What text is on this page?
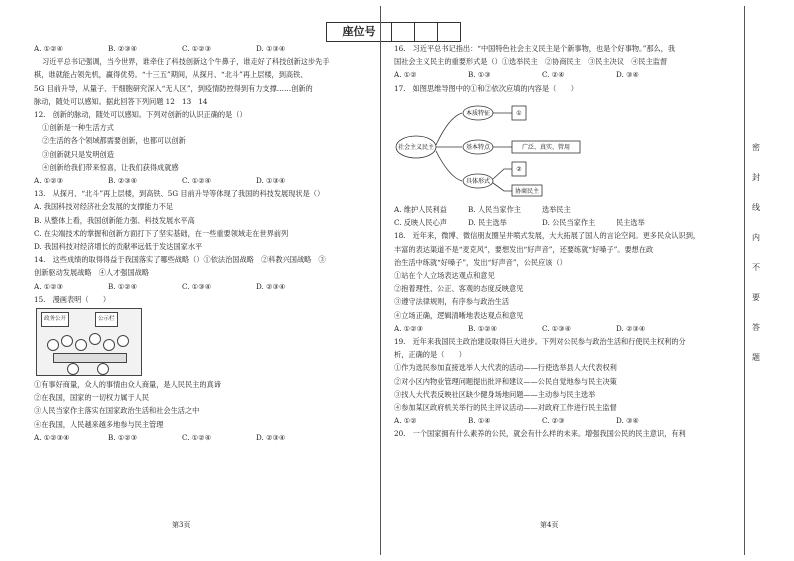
座位号
A. ①②④	B. ②③④	C. ①②③	D. ①③④
习近平总书记强调，当今世界，谁牵住了科技创新这个牛鼻子，谁走好了科技创新这步先手
棋，谁就能占领先机，赢得优势。“十三五”期间，从探月、“北斗”再上层楼，到高铁、
5G 目前升导，从量子、干细胞研究深入“无人区”，到疫情防控得到有力支撑……创新的
脉动，随处可以感知。据此回答下列问题 12　13　14
12.　创新的脉动，随处可以感知。下列对创新的认识正确的是（）
①创新是一种生活方式
②生活的各个领域都需要创新，也都可以创新
③创新就只是发明创造
④创新给我们带来惊喜，让我们获得成就感
A. ①②③	B. ②③④	C. ①②④	D. ①③④
13.　从探月、“北斗”再上层楼，到高铁、5G 目前升导等体现了我国的科技发展现状是（）
A. 我国科技对经济社会发展的支撑能力不足
B. 从整体上看，我国创新能力强、科技发展水平高
C. 在尖端技术的掌握和创新方面打下了坚实基础，在一些重要领域走在世界前列
D. 我国科技对经济增长的贡献率远低于发达国家水平
14.　这些成绩的取得得益于我国落实了哪些战略（）①依法治国战略　②科教兴国战略　③
创新驱动发展战略　④人才强国战略
A. ①②③	B. ①②④	C. ①③④	D. ②③④
15.　漫画表明（　　）
政务公开	公示栏
①有事好商量，众人的事情由众人商量，是人民民主的真谛
②在我国，国家的一切权力属于人民
③人民当家作主落实在国家政治生活和社会生活之中
④在我国，人民越来越多地参与民主管理
A. ①②③④	B. ①②③	C. ①②④	D. ②③④
16.　习近平总书记指出：“中国特色社会主义民主是个新事物，也是个好事物。”那么，我
国社会主义民主的重要形式是（）①选举民主　②协商民主　③民主决议　④民主监督
A. ①②	B. ①③	C. ②④	D. ③④
17.　如图思维导图中的①和②依次应填的内容是（　　）
社会主义民主
本质特征
基本特点
具体形式
①
广泛、真实、管用
②
协商民主
A. 维护人民利益	B. 人民当家作主	选举民主
C. 反映人民心声	D. 民主选举	D. 公民当家作主	民主选举
18.　近年来，微博、微信朋友圈呈井喷式发展，大大拓展了国人的言论空间。更多民众认识到，
丰富的表达渠道不是“麦克风”，要想发出“好声音”，还要练就“好嗓子”。要想在政
治生活中练就“好嗓子”，发出“好声音”，公民应该（）
①站在个人立场表达观点和意见
②抱着理性、公正、客观的态度反映意见
③遵守法律规则，有序参与政治生活
④立场正确，逻辑清晰地表达观点和意见
A. ①②③	B. ①②④	C. ①③④	D. ②③④
19.　近年来我国民主政治建设取得巨大进步。下列对公民参与政治生活和行使民主权利的分
析，正确的是（　　）
①作为选民参加直接选举人大代表的活动——行使选举县人大代表权利
②对小区内物业管理问题提出批评和建议——公民自觉地参与民主决策
③找人大代表反映社区缺少健身场地问题——主动参与民主选举
④参加某区政府机关举行的民主评议活动——对政府工作进行民主监督
A. ①②	B. ①④	C. ②③	D. ③④
20.　一个国家拥有什么素养的公民，就会有什么样的未来。增强我国公民的民主意识，有利
第3页	第4页
密
封
线
内
不
要
答
题
